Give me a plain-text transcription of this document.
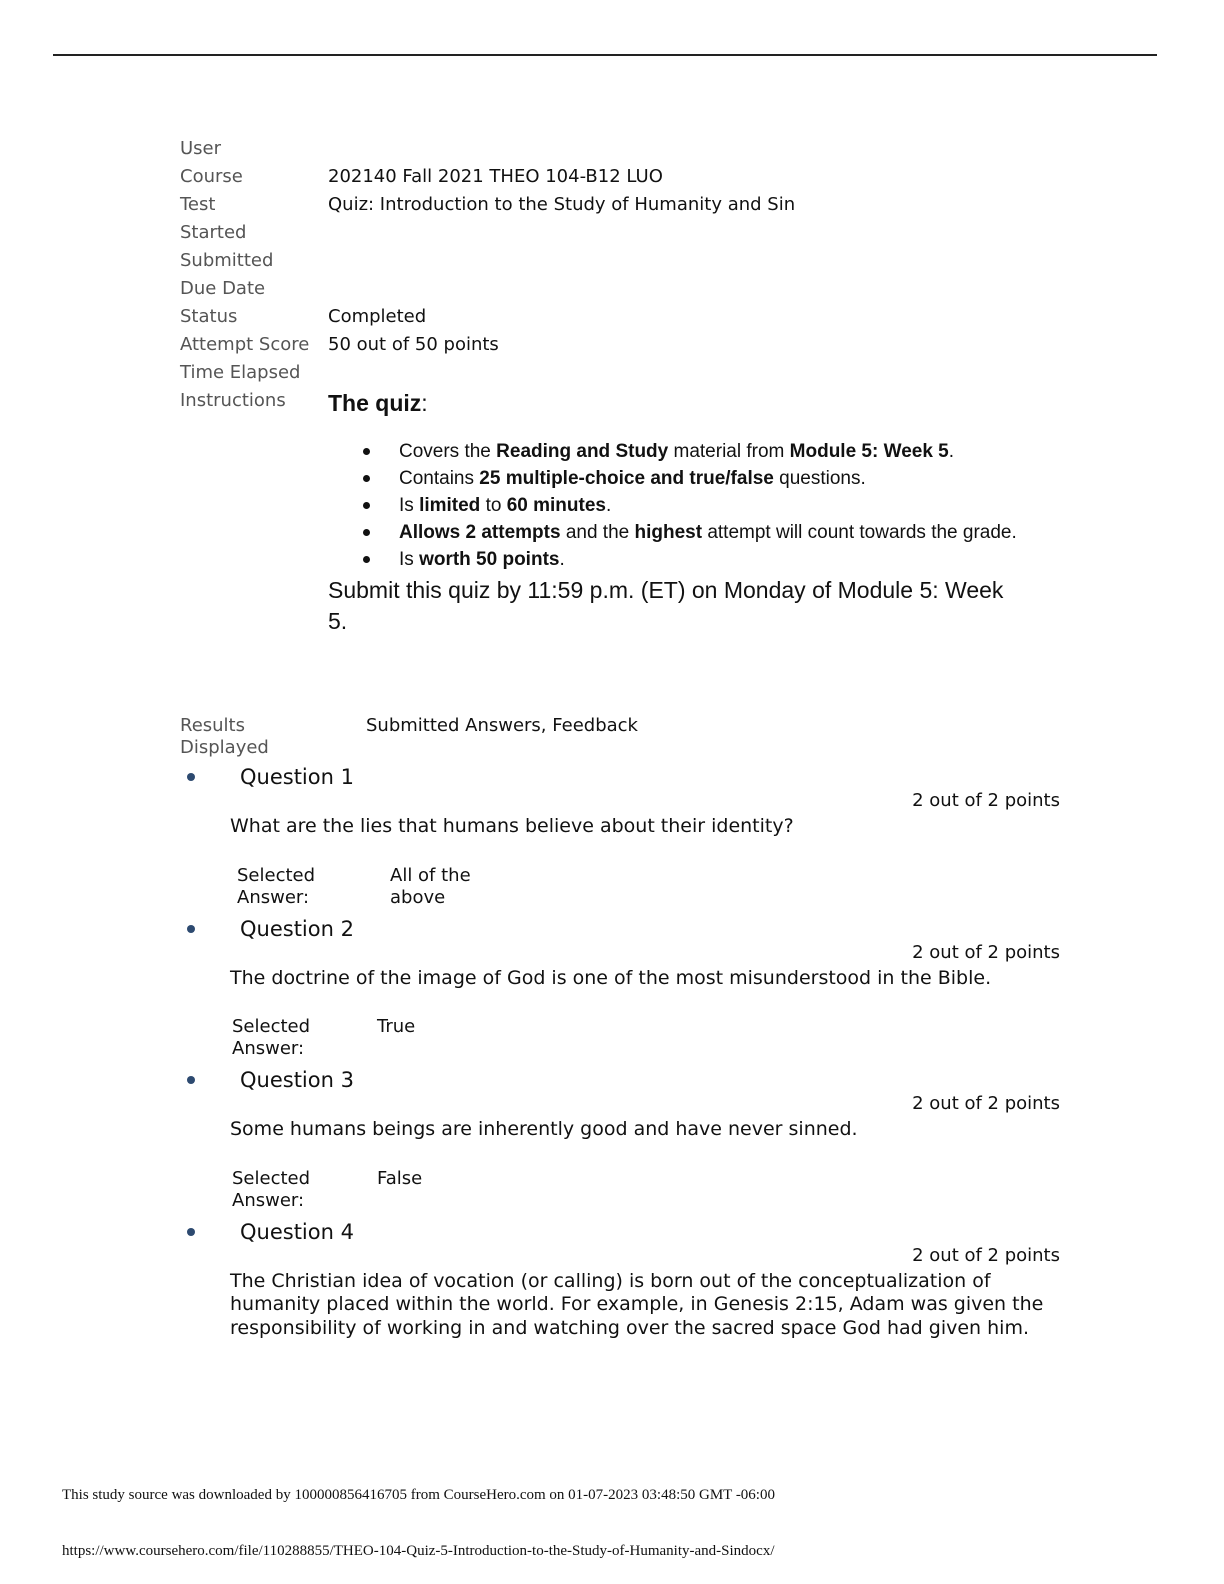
User
Course	202140 Fall 2021 THEO 104-B12 LUO
Test	Quiz: Introduction to the Study of Humanity and Sin
Started
Submitted
Due Date
Status	Completed
Attempt Score	50 out of 50 points
Time Elapsed
Instructions	The quiz:
Covers the Reading and Study material from Module 5: Week 5.
Contains 25 multiple-choice and true/false questions.
Is limited to 60 minutes.
Allows 2 attempts and the highest attempt will count towards the grade.
Is worth 50 points.
Submit this quiz by 11:59 p.m. (ET) on Monday of Module 5: Week 5.
Results Displayed
Submitted Answers, Feedback
Question 1
2 out of 2 points
What are the lies that humans believe about their identity?
Selected Answer:
All of the above
Question 2
2 out of 2 points
The doctrine of the image of God is one of the most misunderstood in the Bible.
Selected Answer:
True
Question 3
2 out of 2 points
Some humans beings are inherently good and have never sinned.
Selected Answer:
False
Question 4
2 out of 2 points
The Christian idea of vocation (or calling) is born out of the conceptualization of humanity placed within the world. For example, in Genesis 2:15, Adam was given the responsibility of working in and watching over the sacred space God had given him.
This study source was downloaded by 100000856416705 from CourseHero.com on 01-07-2023 03:48:50 GMT -06:00
https://www.coursehero.com/file/110288855/THEO-104-Quiz-5-Introduction-to-the-Study-of-Humanity-and-Sindocx/
